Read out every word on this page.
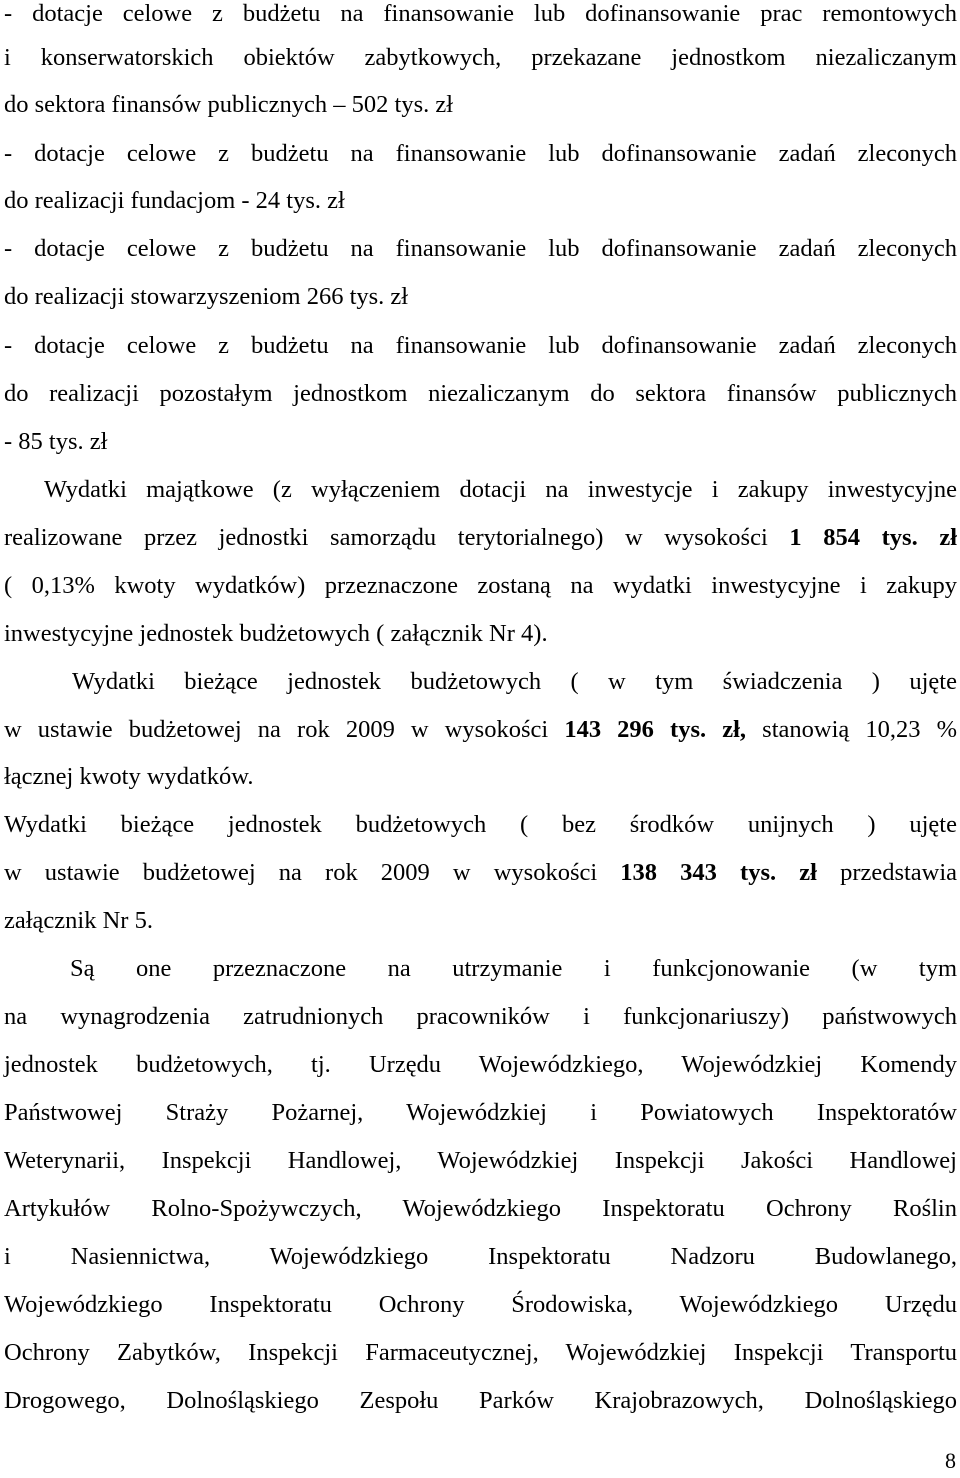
- dotacje celowe z budżetu na finansowanie lub dofinansowanie prac remontowych
i konserwatorskich obiektów zabytkowych, przekazane jednostkom niezaliczanym
do sektora finansów publicznych – 502 tys. zł
- dotacje celowe z budżetu na finansowanie lub dofinansowanie zadań zleconych
do realizacji fundacjom - 24 tys. zł
- dotacje celowe z budżetu na finansowanie lub dofinansowanie zadań zleconych
do realizacji stowarzyszeniom 266 tys. zł
- dotacje celowe z budżetu na finansowanie lub dofinansowanie zadań zleconych
do realizacji pozostałym jednostkom niezaliczanym do sektora finansów publicznych
- 85 tys. zł
Wydatki majątkowe (z wyłączeniem dotacji na inwestycje i zakupy inwestycyjne
realizowane przez jednostki samorządu terytorialnego) w wysokości 1 854 tys. zł
( 0,13% kwoty wydatków) przeznaczone zostaną na wydatki inwestycyjne i zakupy
inwestycyjne jednostek budżetowych ( załącznik Nr 4).
Wydatki bieżące jednostek budżetowych ( w tym świadczenia ) ujęte
w ustawie budżetowej na rok 2009 w wysokości 143 296 tys. zł, stanowią 10,23 %
łącznej kwoty wydatków.
Wydatki bieżące jednostek budżetowych ( bez środków unijnych ) ujęte
w ustawie budżetowej na rok 2009 w wysokości 138 343 tys. zł przedstawia
załącznik Nr 5.
Są one przeznaczone na utrzymanie i funkcjonowanie (w tym
na wynagrodzenia zatrudnionych pracowników i funkcjonariuszy) państwowych
jednostek budżetowych, tj. Urzędu Wojewódzkiego, Wojewódzkiej Komendy
Państwowej Straży Pożarnej, Wojewódzkiej i Powiatowych Inspektoratów
Weterynarii, Inspekcji Handlowej, Wojewódzkiej Inspekcji Jakości Handlowej
Artykułów Rolno-Spożywczych, Wojewódzkiego Inspektoratu Ochrony Roślin
i Nasiennictwa, Wojewódzkiego Inspektoratu Nadzoru Budowlanego,
Wojewódzkiego Inspektoratu Ochrony Środowiska, Wojewódzkiego Urzędu
Ochrony Zabytków, Inspekcji Farmaceutycznej, Wojewódzkiej Inspekcji Transportu
Drogowego, Dolnośląskiego Zespołu Parków Krajobrazowych, Dolnośląskiego
8
